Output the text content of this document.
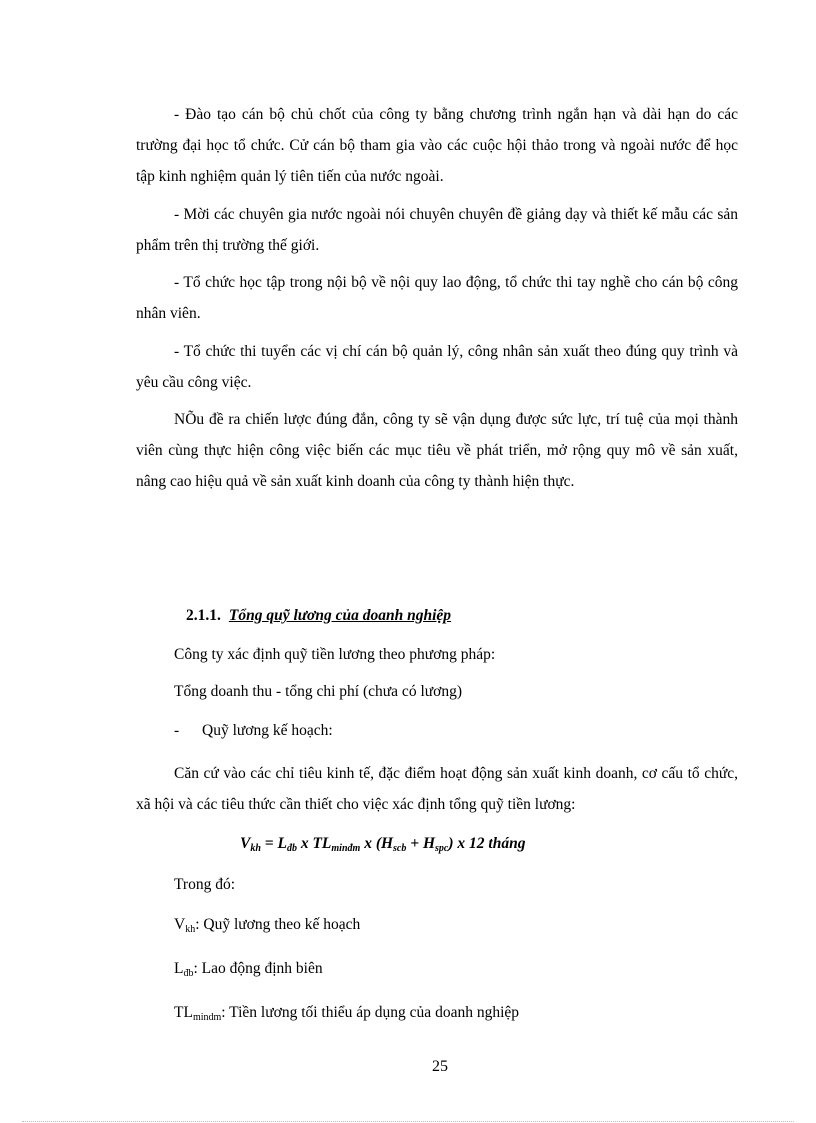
- Đào tạo cán bộ chủ chốt của công ty bằng chương trình ngắn hạn và dài hạn do các trường đại học tổ chức. Cử cán bộ tham gia vào các cuộc hội thảo trong và ngoài nước để học tập kinh nghiệm quản lý tiên tiến của nước ngoài.

- Mời các chuyên gia nước ngoài nói chuyên chuyên đề giảng dạy và thiết kế mẫu các sản phẩm trên thị trường thế giới.

- Tổ chức học tập trong nội bộ về nội quy lao động, tổ chức thi tay nghề cho cán bộ công nhân viên.

- Tổ chức thi tuyển các vị chí cán bộ quản lý, công nhân sản xuất theo đúng quy trình và yêu cầu công việc.

NÕu đề ra chiến lược đúng đắn, công ty sẽ vận dụng được sức lực, trí tuệ của mọi thành viên cùng thực hiện công việc biến các mục tiêu về phát triển, mở rộng quy mô về sản xuất, nâng cao hiệu quả về sản xuất kinh doanh của công ty thành hiện thực.

2.1.1. Tổng quỹ lương của doanh nghiệp

Công ty xác định quỹ tiền lương theo phương pháp:

Tổng doanh thu - tổng chi phí (chưa có lương)

- Quỹ lương kế hoạch:

Căn cứ vào các chỉ tiêu kinh tế, đặc điểm hoạt động sản xuất kinh doanh, cơ cấu tổ chức, xã hội và các tiêu thức cần thiết cho việc xác định tổng quỹ tiền lương:

$V_{kh} = L_{đb}$ x $TL_{minđm}$ x $(H_{scb} + H_{spc})$ x 12 tháng

Trong đó:

$V_{kh}$: Quỹ lương theo kế hoạch

$L_{đb}$: Lao động định biên

$TL_{mindm}$: Tiền lương tối thiểu áp dụng của doanh nghiệp

25
